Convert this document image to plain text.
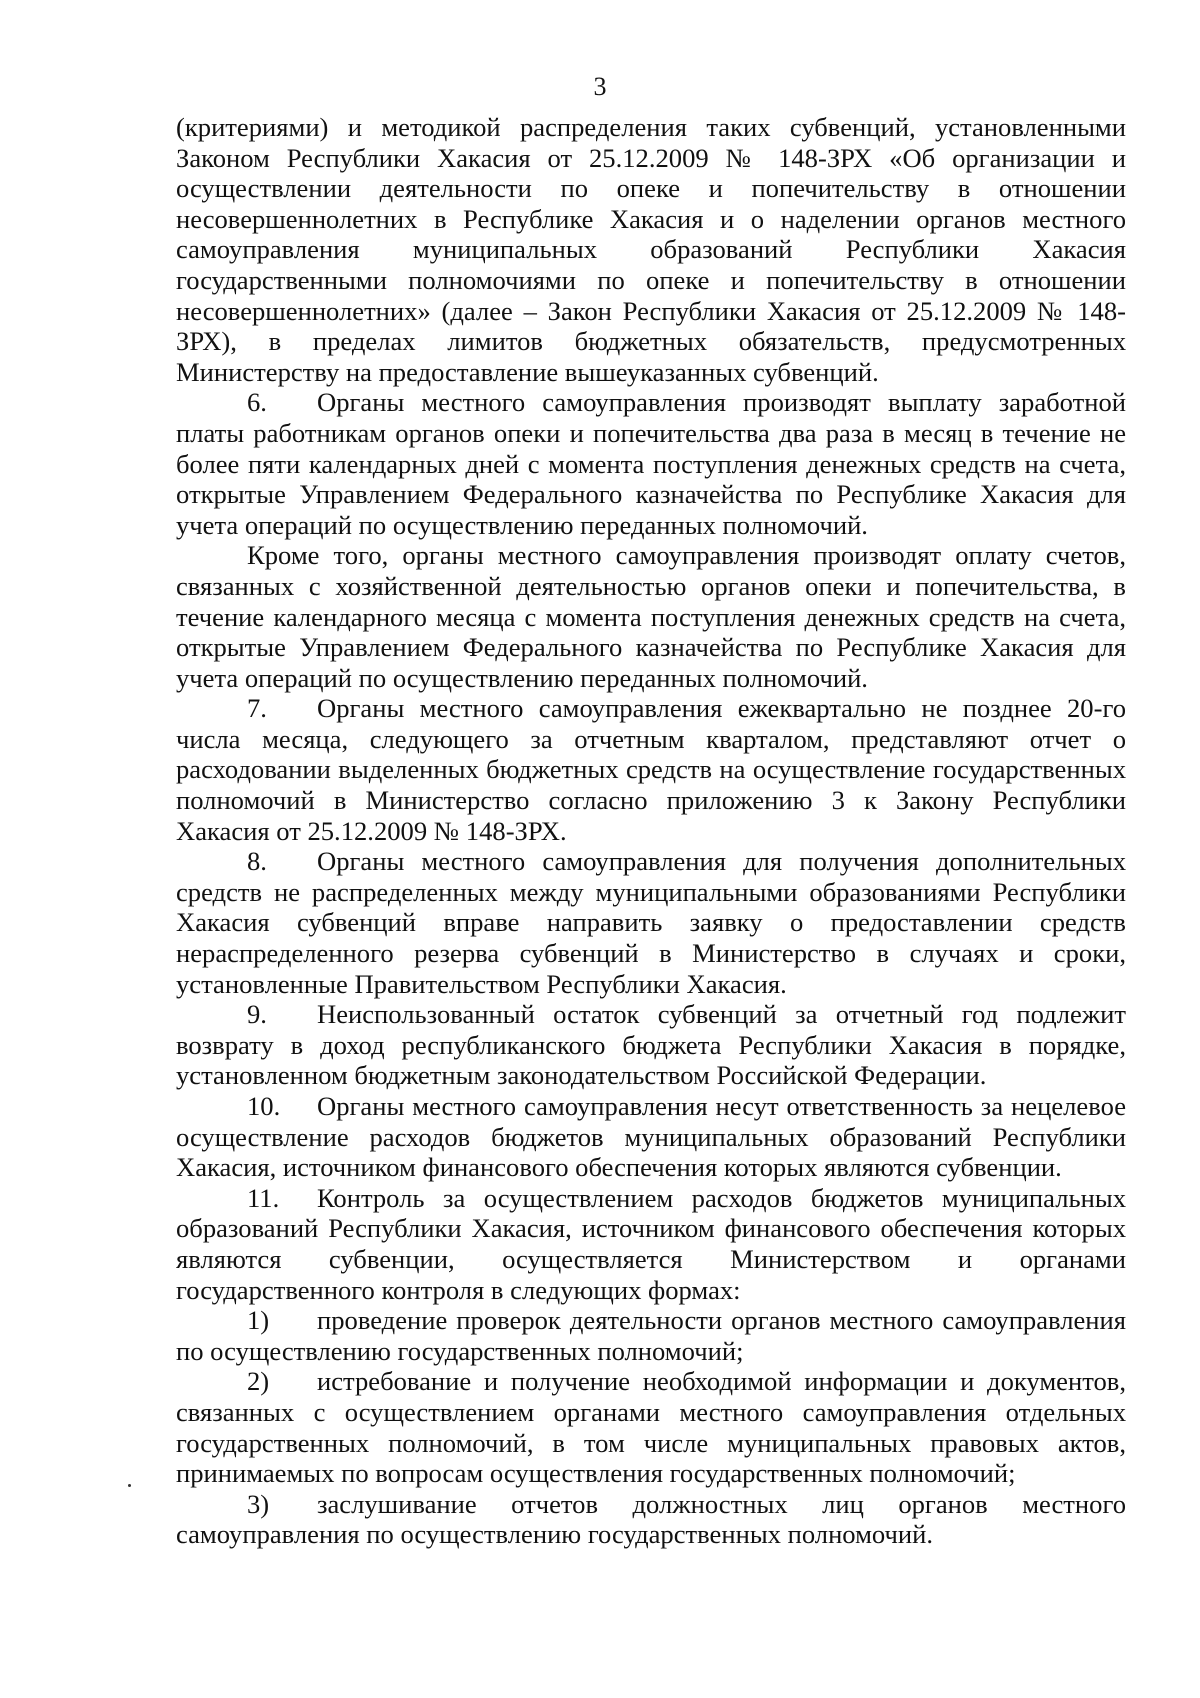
3

(критериями) и методикой распределения таких субвенций, установленными Законом Республики Хакасия от 25.12.2009 № 148-ЗРХ «Об организации и осуществлении деятельности по опеке и попечительству в отношении несовершеннолетних в Республике Хакасия и о наделении органов местного самоуправления муниципальных образований Республики Хакасия государственными полномочиями по опеке и попечительству в отношении несовершеннолетних» (далее – Закон Республики Хакасия от 25.12.2009 № 148-ЗРХ), в пределах лимитов бюджетных обязательств, предусмотренных Министерству на предоставление вышеуказанных субвенций.

6. Органы местного самоуправления производят выплату заработной платы работникам органов опеки и попечительства два раза в месяц в течение не более пяти календарных дней с момента поступления денежных средств на счета, открытые Управлением Федерального казначейства по Республике Хакасия для учета операций по осуществлению переданных полномочий.

Кроме того, органы местного самоуправления производят оплату счетов, связанных с хозяйственной деятельностью органов опеки и попечительства, в течение календарного месяца с момента поступления денежных средств на счета, открытые Управлением Федерального казначейства по Республике Хакасия для учета операций по осуществлению переданных полномочий.

7. Органы местного самоуправления ежеквартально не позднее 20-го числа месяца, следующего за отчетным кварталом, представляют отчет о расходовании выделенных бюджетных средств на осуществление государственных полномочий в Министерство согласно приложению 3 к Закону Республики Хакасия от 25.12.2009 № 148-ЗРХ.

8. Органы местного самоуправления для получения дополнительных средств не распределенных между муниципальными образованиями Республики Хакасия субвенций вправе направить заявку о предоставлении средств нераспределенного резерва субвенций в Министерство в случаях и сроки, установленные Правительством Республики Хакасия.

9. Неиспользованный остаток субвенций за отчетный год подлежит возврату в доход республиканского бюджета Республики Хакасия в порядке, установленном бюджетным законодательством Российской Федерации.

10. Органы местного самоуправления несут ответственность за нецелевое осуществление расходов бюджетов муниципальных образований Республики Хакасия, источником финансового обеспечения которых являются субвенции.

11. Контроль за осуществлением расходов бюджетов муниципальных образований Республики Хакасия, источником финансового обеспечения которых являются субвенции, осуществляется Министерством и органами государственного контроля в следующих формах:

1) проведение проверок деятельности органов местного самоуправления по осуществлению государственных полномочий;

2) истребование и получение необходимой информации и документов, связанных с осуществлением органами местного самоуправления отдельных государственных полномочий, в том числе муниципальных правовых актов, принимаемых по вопросам осуществления государственных полномочий;

3) заслушивание отчетов должностных лиц органов местного самоуправления по осуществлению государственных полномочий.
